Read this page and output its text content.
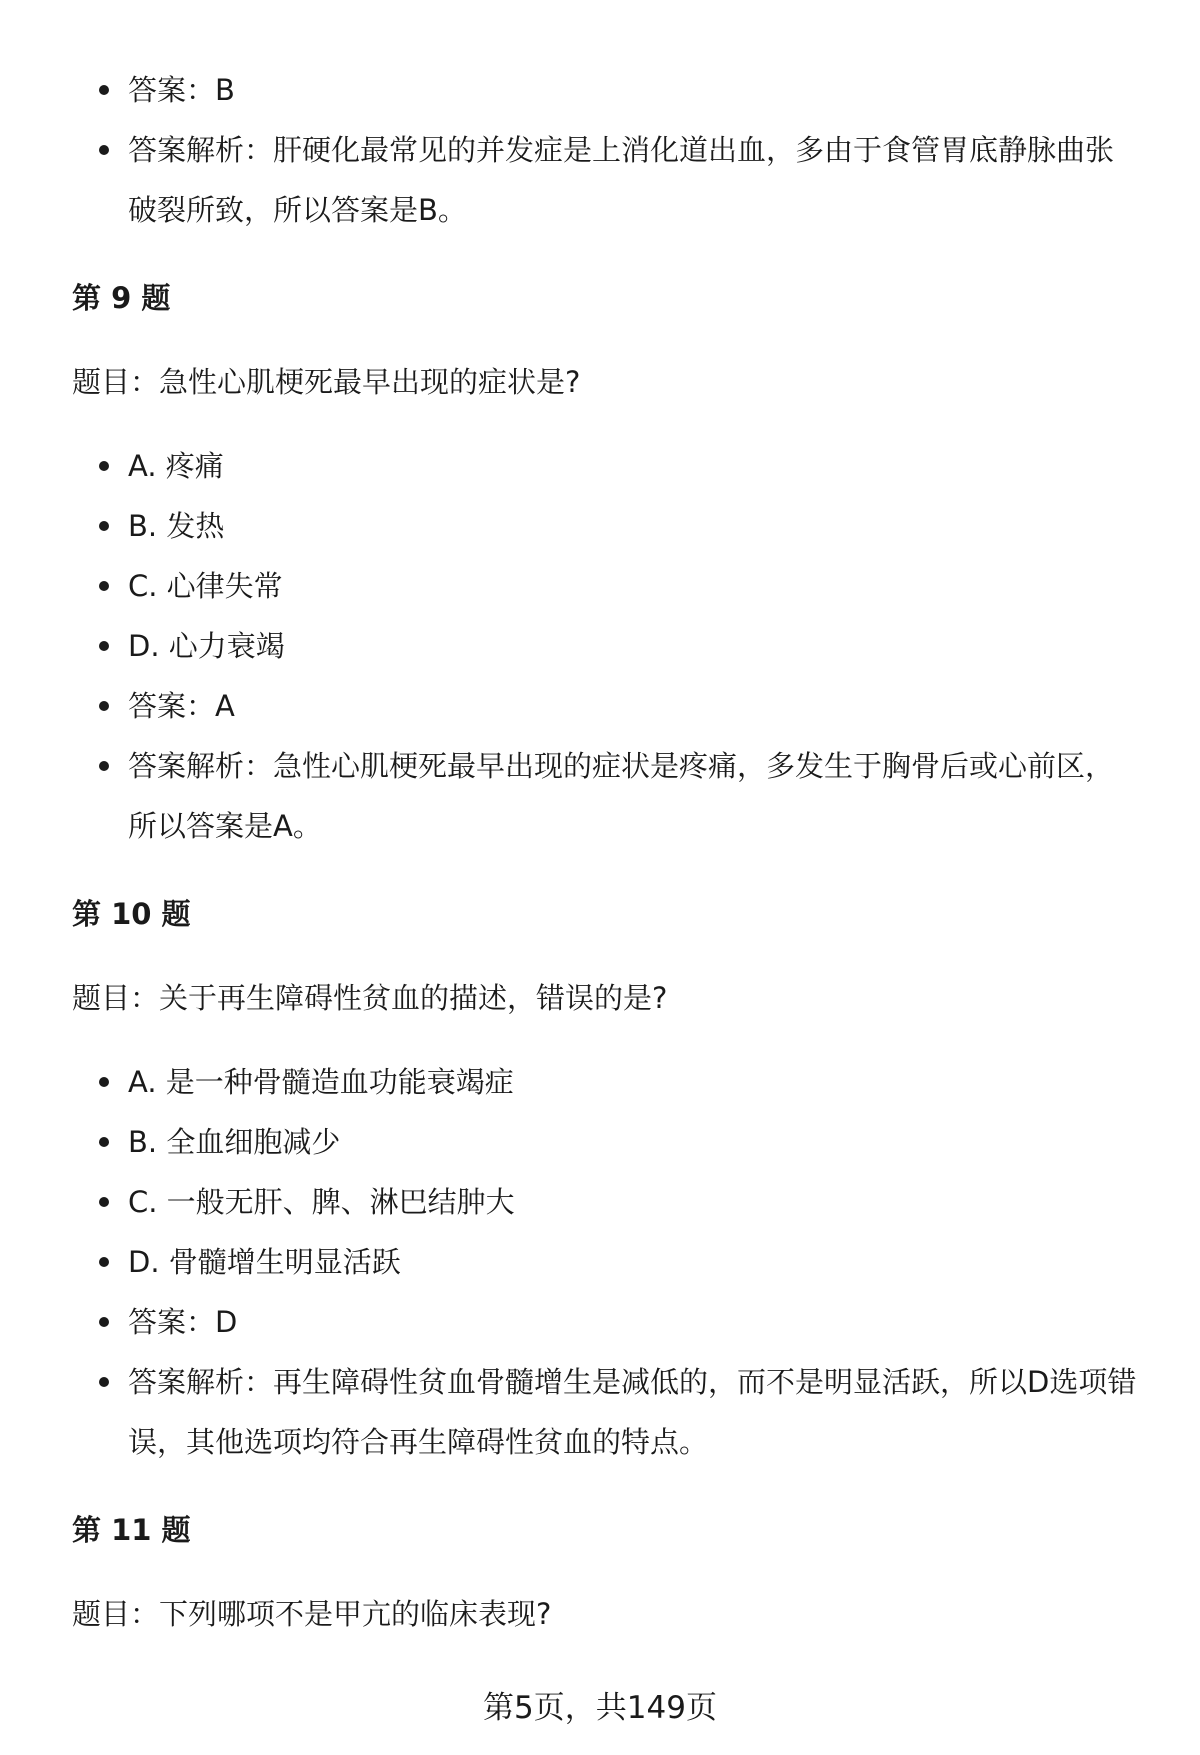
答案：B
答案解析：肝硬化最常见的并发症是上消化道出血，多由于食管胃底静脉曲张破裂所致，所以答案是B。
第 9 题
题目：急性心肌梗死最早出现的症状是?
A. 疼痛
B. 发热
C. 心律失常
D. 心力衰竭
答案：A
答案解析：急性心肌梗死最早出现的症状是疼痛，多发生于胸骨后或心前区，所以答案是A。
第 10 题
题目：关于再生障碍性贫血的描述，错误的是?
A. 是一种骨髓造血功能衰竭症
B. 全血细胞减少
C. 一般无肝、脾、淋巴结肿大
D. 骨髓增生明显活跃
答案：D
答案解析：再生障碍性贫血骨髓增生是减低的，而不是明显活跃，所以D选项错误，其他选项均符合再生障碍性贫血的特点。
第 11 题
题目：下列哪项不是甲亢的临床表现?
第5页，共149页
